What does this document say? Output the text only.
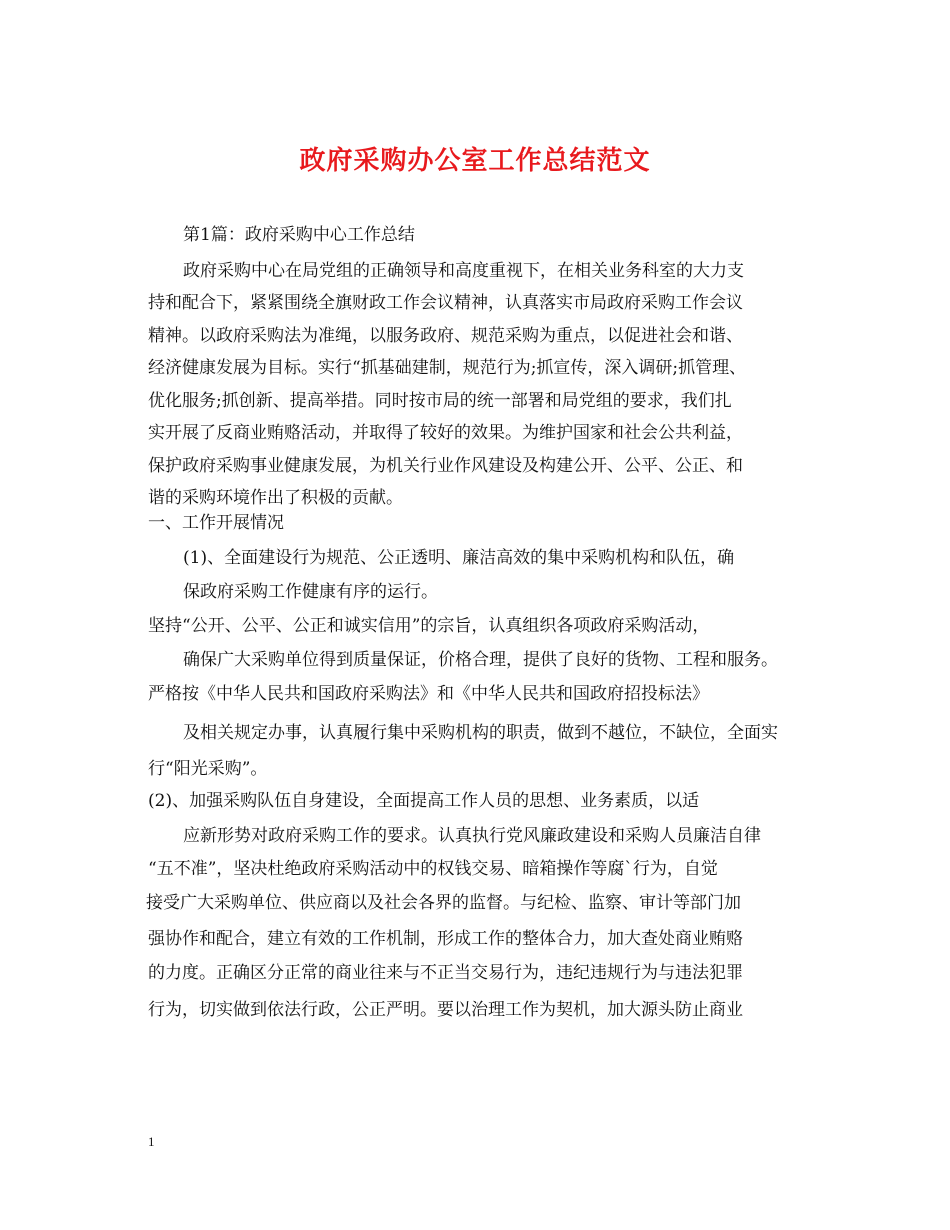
政府采购办公室工作总结范文
第1篇：政府采购中心工作总结
政府采购中心在局党组的正确领导和高度重视下，在相关业务科室的大力支
持和配合下，紧紧围绕全旗财政工作会议精神，认真落实市局政府采购工作会议
精神。以政府采购法为准绳，以服务政府、规范采购为重点，以促进社会和谐、
经济健康发展为目标。实行“抓基础建制，规范行为;抓宣传，深入调研;抓管理、
优化服务;抓创新、提高举措。同时按市局的统一部署和局党组的要求，我们扎
实开展了反商业贿赂活动，并取得了较好的效果。为维护国家和社会公共利益，
保护政府采购事业健康发展，为机关行业作风建设及构建公开、公平、公正、和
谐的采购环境作出了积极的贡献。
一、工作开展情况
(1)、全面建设行为规范、公正透明、廉洁高效的集中采购机构和队伍，确
保政府采购工作健康有序的运行。
坚持“公开、公平、公正和诚实信用”的宗旨，认真组织各项政府采购活动，
确保广大采购单位得到质量保证，价格合理，提供了良好的货物、工程和服务。
严格按《中华人民共和国政府采购法》和《中华人民共和国政府招投标法》
及相关规定办事，认真履行集中采购机构的职责，做到不越位，不缺位，全面实
行“阳光采购”。
(2)、加强采购队伍自身建设，全面提高工作人员的思想、业务素质，以适
应新形势对政府采购工作的要求。认真执行党风廉政建设和采购人员廉洁自律
“五不准”，坚决杜绝政府采购活动中的权钱交易、暗箱操作等腐`行为，自觉
接受广大采购单位、供应商以及社会各界的监督。与纪检、监察、审计等部门加
强协作和配合，建立有效的工作机制，形成工作的整体合力，加大查处商业贿赂
的力度。正确区分正常的商业往来与不正当交易行为，违纪违规行为与违法犯罪
行为，切实做到依法行政，公正严明。要以治理工作为契机，加大源头防止商业
1
